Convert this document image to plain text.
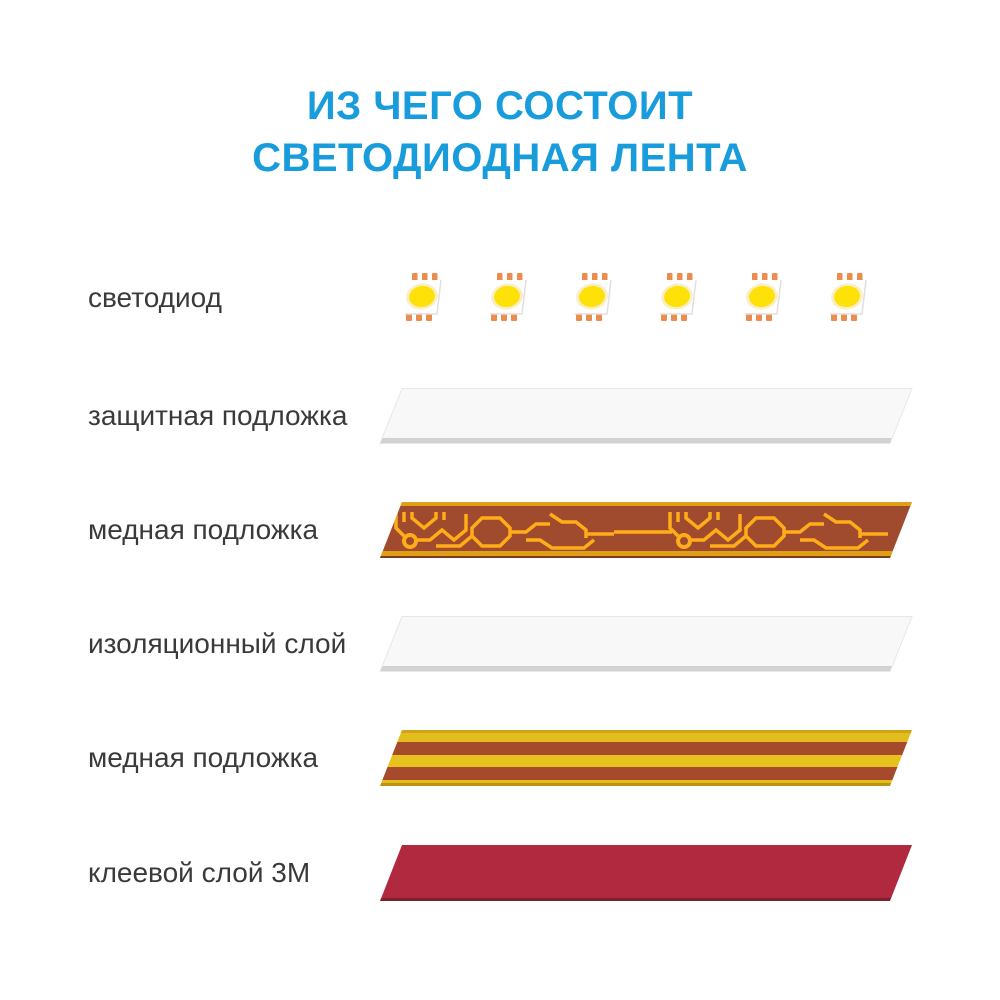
ИЗ ЧЕГО СОСТОИТ
СВЕТОДИОДНАЯ ЛЕНТА
светодиод
защитная подложка
медная подложка
изоляционный слой
медная подложка
клеевой слой 3М
